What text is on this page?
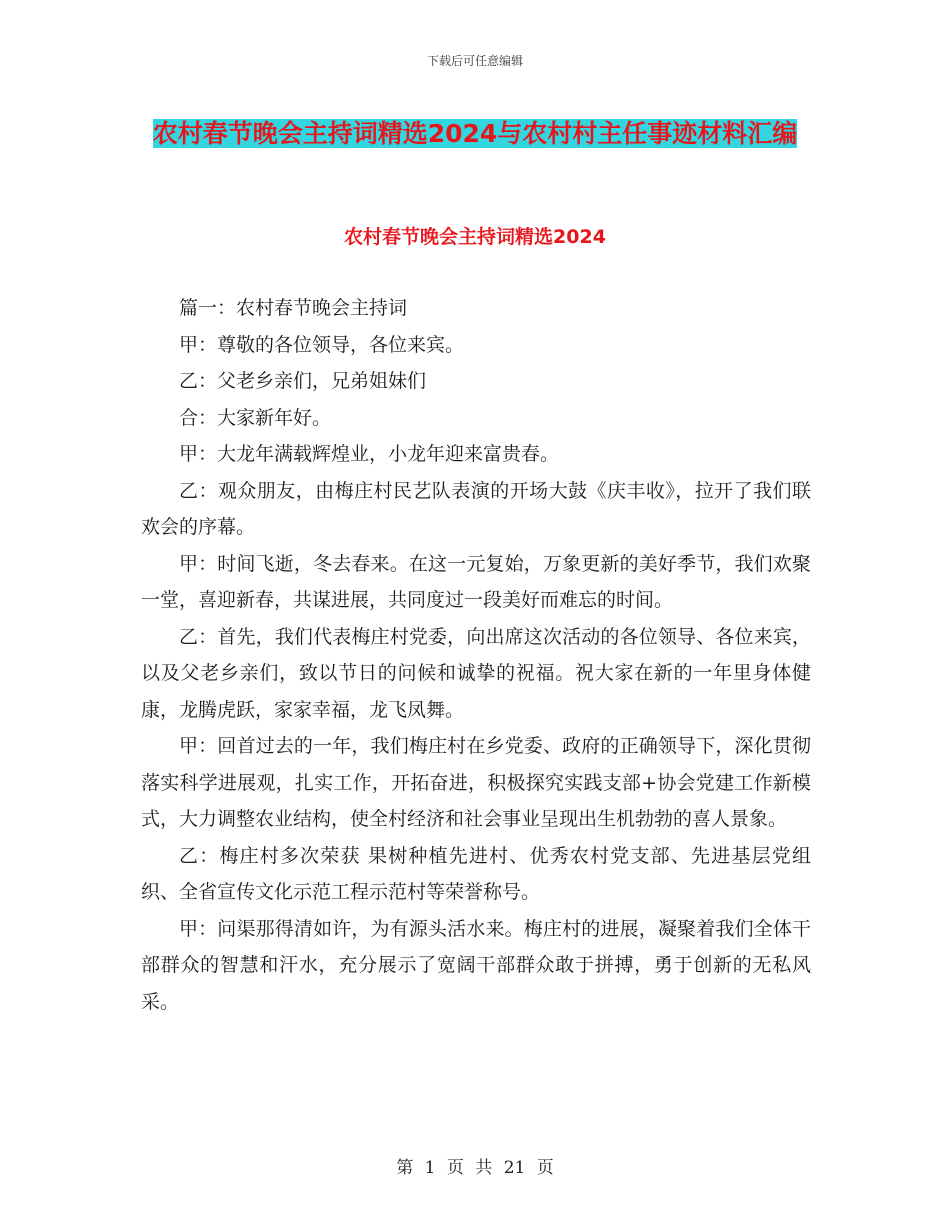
下载后可任意编辑
农村春节晚会主持词精选2024与农村村主任事迹材料汇编
农村春节晚会主持词精选2024

篇一：农村春节晚会主持词

甲：尊敬的各位领导，各位来宾。

乙：父老乡亲们，兄弟姐妹们

合：大家新年好。

甲：大龙年满载辉煌业，小龙年迎来富贵春。

乙：观众朋友，由梅庄村民艺队表演的开场大鼓《庆丰收》，拉开了我们联欢会的序幕。

甲：时间飞逝，冬去春来。在这一元复始，万象更新的美好季节，我们欢聚一堂，喜迎新春，共谋进展，共同度过一段美好而难忘的时间。

乙：首先，我们代表梅庄村党委，向出席这次活动的各位领导、各位来宾，以及父老乡亲们，致以节日的问候和诚挚的祝福。祝大家在新的一年里身体健康，龙腾虎跃，家家幸福，龙飞凤舞。

甲：回首过去的一年，我们梅庄村在乡党委、政府的正确领导下，深化贯彻落实科学进展观，扎实工作，开拓奋进，积极探究实践支部+协会党建工作新模式，大力调整农业结构，使全村经济和社会事业呈现出生机勃勃的喜人景象。

乙：梅庄村多次荣获 果树种植先进村、优秀农村党支部、先进基层党组织、全省宣传文化示范工程示范村等荣誉称号。

甲：问渠那得清如许，为有源头活水来。梅庄村的进展，凝聚着我们全体干部群众的智慧和汗水，充分展示了宽阔干部群众敢于拼搏，勇于创新的无私风采。

第 1 页 共 21 页
